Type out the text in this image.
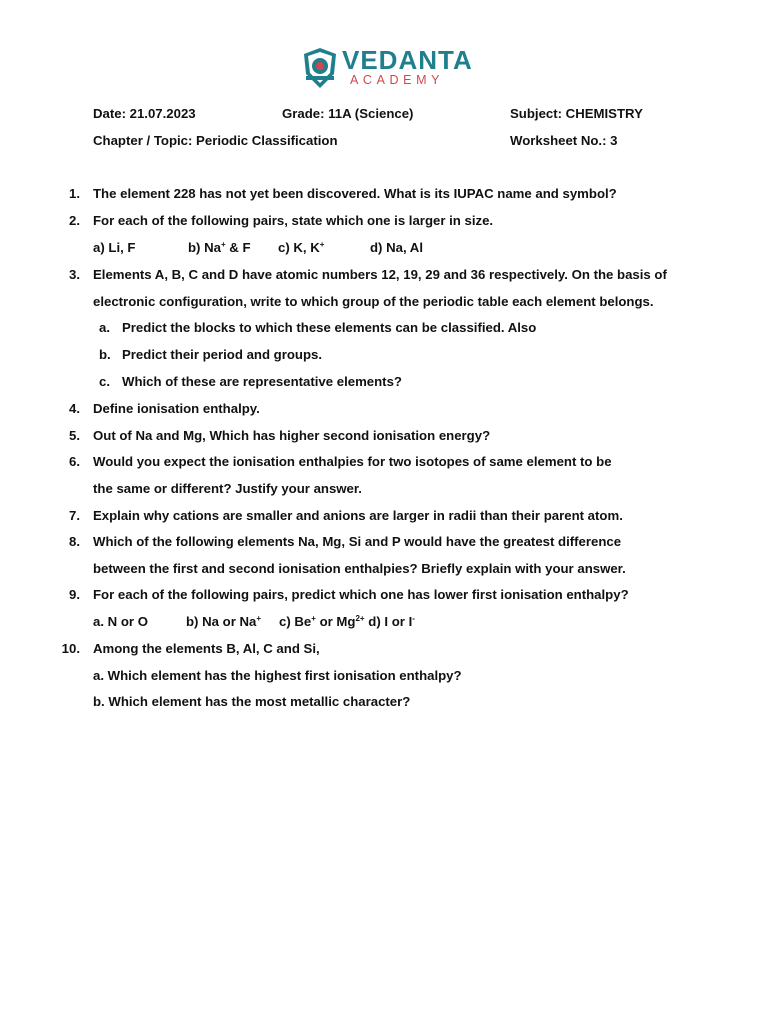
VEDANTA
ACADEMY
Date: 21.07.2023	Grade: 11A (Science)	Subject: CHEMISTRY
Chapter / Topic: Periodic Classification	Worksheet No.: 3
1. The element 228 has not yet been discovered. What is its IUPAC name and symbol?
2. For each of the following pairs, state which one is larger in size.
a) Li, F	b) Na+ & F c) K, K+	d) Na, Al
3. Elements A, B, C and D have atomic numbers 12, 19, 29 and 36 respectively. On the basis of
electronic configuration, write to which group of the periodic table each element belongs.
a. Predict the blocks to which these elements can be classified. Also
b. Predict their period and groups.
c. Which of these are representative elements?
4. Define ionisation enthalpy.
5. Out of Na and Mg, Which has higher second ionisation energy?
6. Would you expect the ionisation enthalpies for two isotopes of same element to be
the same or different? Justify your answer.
7. Explain why cations are smaller and anions are larger in radii than their parent atom.
8. Which of the following elements Na, Mg, Si and P would have the greatest difference
between the first and second ionisation enthalpies? Briefly explain with your answer.
9. For each of the following pairs, predict which one has lower first ionisation enthalpy?
a. N or O	b) Na or Na+ c) Be+ or $Mg^{2+}$ d) I or I-
10. Among the elements B, Al, C and Si,
a. Which element has the highest first ionisation enthalpy?
b. Which element has the most metallic character?
